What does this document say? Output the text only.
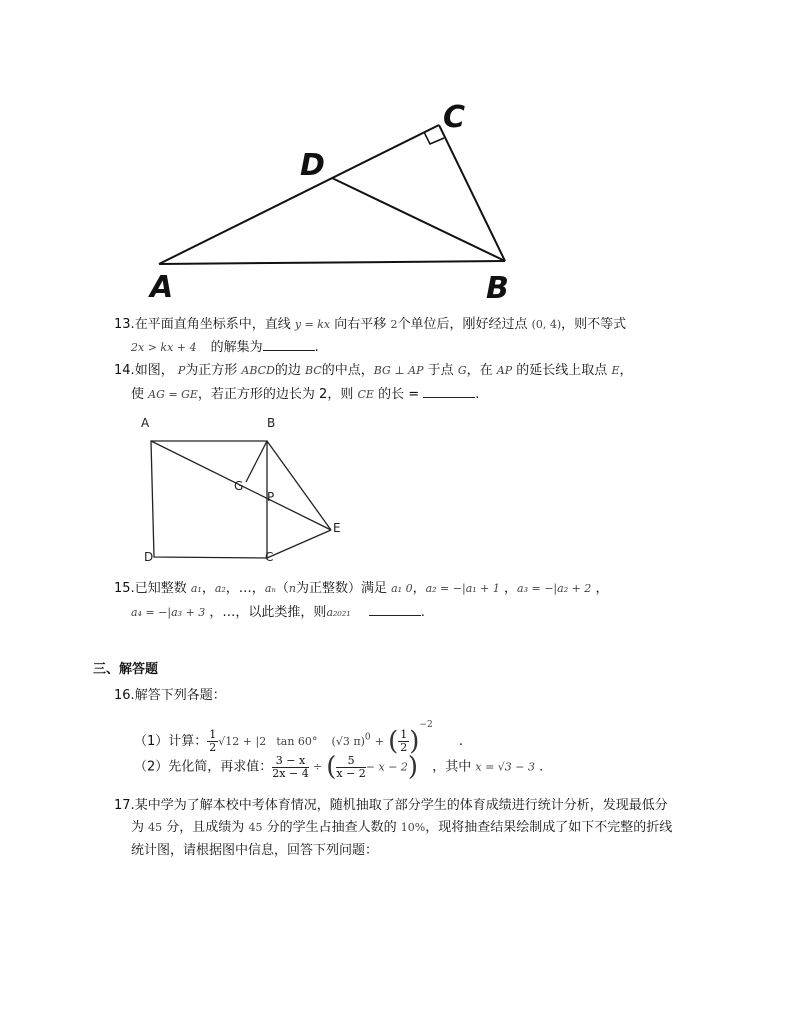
A	B
C
D
13.在平面直角坐标系中，直线 y = kx 向右平移 2个单位后，刚好经过点 (0, 4)，则不等式
2x > kx + 4 的解集为	.
14.如图， P为正方形 ABCD的边 BC的中点，BG ⊥ AP 于点 G，在 AP 的延长线上取点 E，
使 AG = GE，若正方形的边长为 2，则 CE 的长 =	.
A	B
C
D
E
G
P
15.已知整数 a₁，a₂，…，aₙ（n为正整数）满足 a₁ 0，a₂ = −|a₁ + 1 ，a₃ = −|a₂ + 2 ，
a₄ = −|a₃ + 3 ，…，以此类推，则a₂₀₂₁	.
三、解答题
16.解答下列各题：
（1）计算： $\frac{1}{2} √12 + |2$ tan 60° (√3 π)$^0$ + ( $\frac{1}{2} )^{-2}$ .
（2）先化简，再求值： $\frac{3 - x}{2x - 4}$ ÷ ( $\frac{5}{x - 2} - x - 2$) ，其中 x = √3 − 3 .
17.某中学为了解本校中考体育情况，随机抽取了部分学生的体育成绩进行统计分析，发现最低分
为 45 分，且成绩为 45 分的学生占抽查人数的 10%，现将抽查结果绘制成了如下不完整的折线
统计图，请根据图中信息，回答下列问题：
